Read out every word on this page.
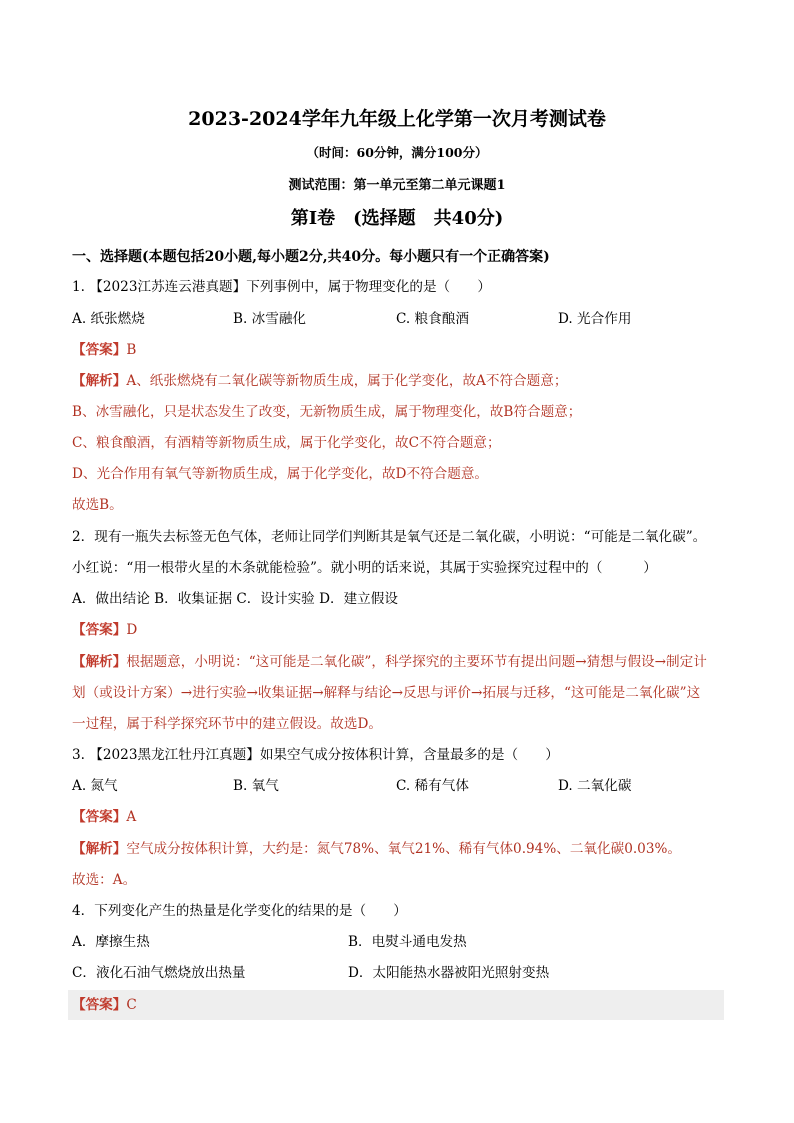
2023-2024学年九年级上化学第一次月考测试卷
（时间：60分钟，满分100分）
测试范围：第一单元至第二单元课题1
第Ⅰ卷　(选择题　共40分)
一、选择题(本题包括20小题,每小题2分,共40分。每小题只有一个正确答案)
1. 【2023江苏连云港真题】下列事例中，属于物理变化的是（　　）
A. 纸张燃烧	B. 冰雪融化	C. 粮食酿酒	D. 光合作用
【答案】B
【解析】A、纸张燃烧有二氧化碳等新物质生成，属于化学变化，故A不符合题意；
B、冰雪融化，只是状态发生了改变，无新物质生成，属于物理变化，故B符合题意；
C、粮食酿酒，有酒精等新物质生成，属于化学变化，故C不符合题意；
D、光合作用有氧气等新物质生成，属于化学变化，故D不符合题意。
故选B。
2．现有一瓶失去标签无色气体，老师让同学们判断其是氧气还是二氧化碳，小明说：“可能是二氧化碳”。
小红说：“用一根带火星的木条就能检验”。就小明的话来说，其属于实验探究过程中的（　　　）
A．做出结论 B．收集证据 C．设计实验 D．建立假设
【答案】D
【解析】根据题意，小明说：“这可能是二氧化碳”，科学探究的主要环节有提出问题→猜想与假设→制定计
划（或设计方案）→进行实验→收集证据→解释与结论→反思与评价→拓展与迁移，“这可能是二氧化碳”这
一过程，属于科学探究环节中的建立假设。故选D。
3. 【2023黑龙江牡丹江真题】如果空气成分按体积计算，含量最多的是（　　）
A. 氮气	B. 氧气	C. 稀有气体	D. 二氧化碳
【答案】A
【解析】空气成分按体积计算，大约是：氮气78%、氧气21%、稀有气体0.94%、二氧化碳0.03%。
故选：A。
4．下列变化产生的热量是化学变化的结果的是（　　）
A．摩擦生热	B．电熨斗通电发热
C．液化石油气燃烧放出热量	D．太阳能热水器被阳光照射变热
【答案】C
